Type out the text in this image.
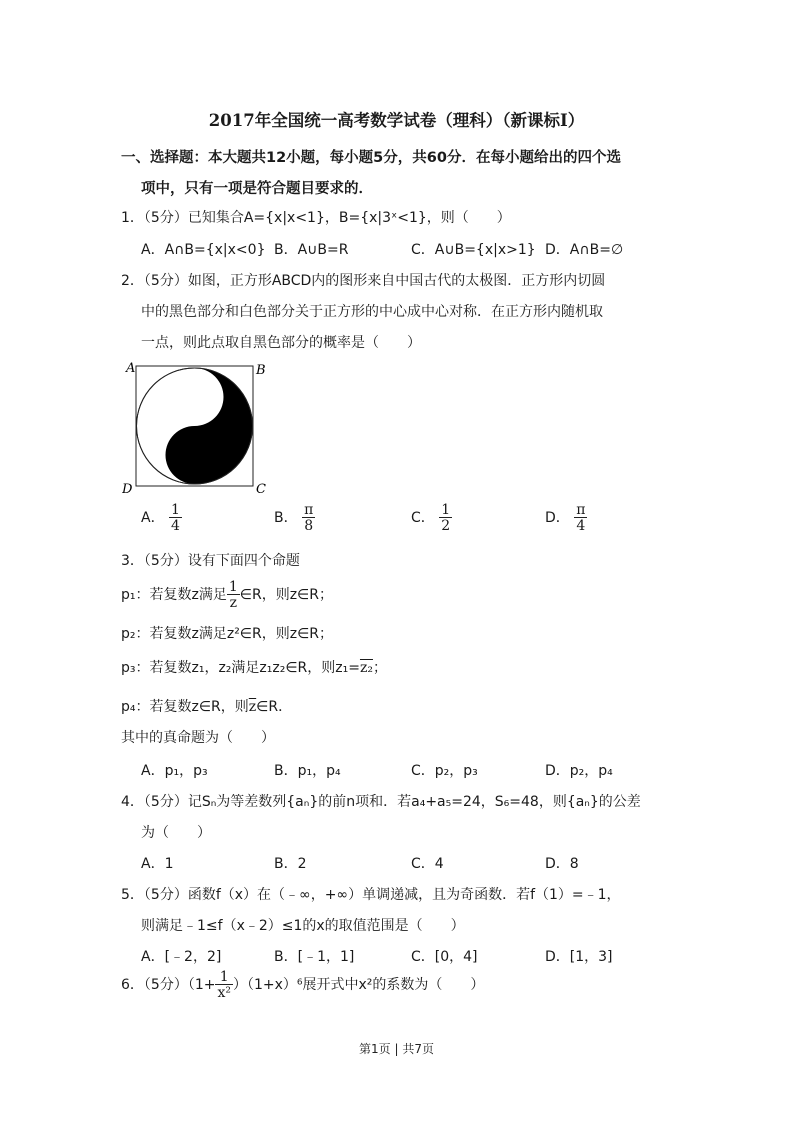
2017年全国统一高考数学试卷（理科）（新课标Ⅰ）
一、选择题：本大题共12小题，每小题5分，共60分．在每小题给出的四个选
项中，只有一项是符合题目要求的．
1．（5分）已知集合A={x|x<1}，B={x|3ˣ<1}，则（　　）
A．A∩B={x|x<0} B．A∪B=R	C．A∪B={x|x>1} D．A∩B=∅
2．（5分）如图，正方形ABCD内的图形来自中国古代的太极图．正方形内切圆
中的黑色部分和白色部分关于正方形的中心成中心对称．在正方形内随机取
一点，则此点取自黑色部分的概率是（　　）
A	B
C
D
A． $\frac{1}{4}$	B． $\frac{\pi}{8}$	C． $\frac{1}{2}$	D． $\frac{\pi}{4}$
3．（5分）设有下面四个命题
p₁：若复数z满足 $\frac{1}{z}$ ∈R，则z∈R；
p₂：若复数z满足z²∈R，则z∈R；
p₃：若复数z₁，z₂满足z₁z₂∈R，则z₁=z₂；
p₄：若复数z∈R，则$\overline{z}\in R$．
其中的真命题为（　　）
A．p₁，p₃	B．p₁，p₄	C．p₂，p₃	D．p₂，p₄
4．（5分）记Sₙ为等差数列{aₙ}的前n项和．若a₄+a₅=24，S₆=48，则{aₙ}的公差
为（　　）
A．1	B．2	C．4	D．8
5．（5分）函数f（x）在（﹣∞，+∞）单调递减，且为奇函数．若f（1）=﹣1，
则满足﹣1≤f（x﹣2）≤1的x的取值范围是（　　）
A．[﹣2，2]	B．[﹣1，1]	C．[0，4]	D．[1，3]
6．（5分）$(1+ \frac{1}{\text{x²}} )(1+x)^6$展开式中x²的系数为（　　）
第1页 | 共7页
